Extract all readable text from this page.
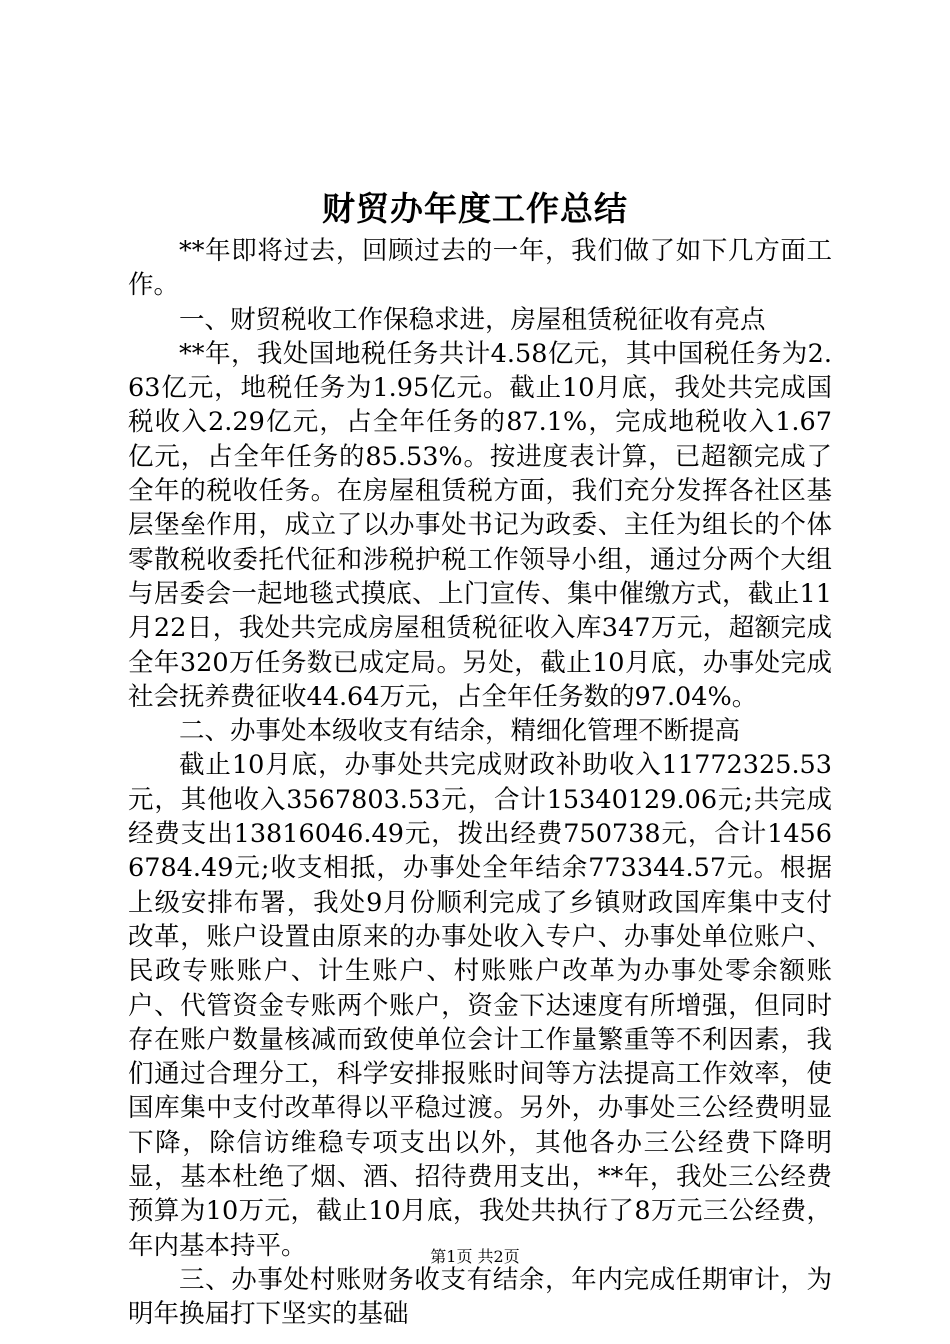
财贸办年度工作总结

**年即将过去，回顾过去的一年，我们做了如下几方面工作。

一、财贸税收工作保稳求进，房屋租赁税征收有亮点

**年，我处国地税任务共计4.58亿元，其中国税任务为2.63亿元，地税任务为1.95亿元。截止10月底，我处共完成国税收入2.29亿元，占全年任务的87.1%，完成地税收入1.67亿元，占全年任务的85.53%。按进度表计算，已超额完成了全年的税收任务。在房屋租赁税方面，我们充分发挥各社区基层堡垒作用，成立了以办事处书记为政委、主任为组长的个体零散税收委托代征和涉税护税工作领导小组，通过分两个大组与居委会一起地毯式摸底、上门宣传、集中催缴方式，截止11月22日，我处共完成房屋租赁税征收入库347万元，超额完成全年320万任务数已成定局。另处，截止10月底，办事处完成社会抚养费征收44.64万元，占全年任务数的97.04%。

二、办事处本级收支有结余，精细化管理不断提高

截止10月底，办事处共完成财政补助收入11772325.53元，其他收入3567803.53元，合计15340129.06元;共完成经费支出13816046.49元，拨出经费750738元，合计14566784.49元;收支相抵，办事处全年结余773344.57元。根据上级安排布署，我处9月份顺利完成了乡镇财政国库集中支付改革，账户设置由原来的办事处收入专户、办事处单位账户、民政专账账户、计生账户、村账账户改革为办事处零余额账户、代管资金专账两个账户，资金下达速度有所增强，但同时存在账户数量核减而致使单位会计工作量繁重等不利因素，我们通过合理分工，科学安排报账时间等方法提高工作效率，使国库集中支付改革得以平稳过渡。另外，办事处三公经费明显下降，除信访维稳专项支出以外，其他各办三公经费下降明显，基本杜绝了烟、酒、招待费用支出，**年，我处三公经费预算为10万元，截止10月底，我处共执行了8万元三公经费，年内基本持平。

三、办事处村账财务收支有结余，年内完成任期审计，为明年换届打下坚实的基础

第1页 共2页
